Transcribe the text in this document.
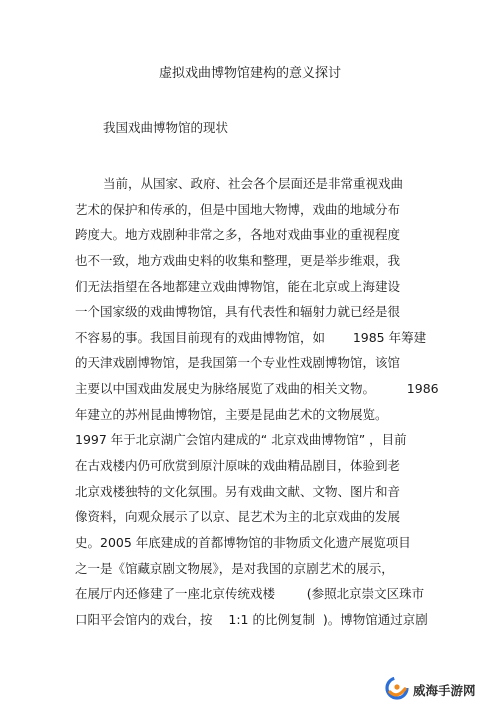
虚拟戏曲博物馆建构的意义探讨
我国戏曲博物馆的现状
当前，从国家、政府、社会各个层面还是非常重视戏曲
艺术的保护和传承的，但是中国地大物博，戏曲的地域分布
跨度大。地方戏剧种非常之多，各地对戏曲事业的重视程度
也不一致，地方戏曲史料的收集和整理，更是举步维艰，我
们无法指望在各地都建立戏曲博物馆，能在北京或上海建设
一个国家级的戏曲博物馆，具有代表性和辐射力就已经是很
不容易的事。我国目前现有的戏曲博物馆，如       1985 年筹建
的天津戏剧博物馆，是我国第一个专业性戏剧博物馆，该馆
主要以中国戏曲发展史为脉络展览了戏曲的相关文物。        1986
年建立的苏州昆曲博物馆，主要是昆曲艺术的文物展览。
1997 年于北京湖广会馆内建成的“ 北京戏曲博物馆” ，目前
在古戏楼内仍可欣赏到原汁原味的戏曲精品剧目，体验到老
北京戏楼独特的文化氛围。另有戏曲文献、文物、图片和音
像资料，向观众展示了以京、昆艺术为主的北京戏曲的发展
史。2005 年底建成的首都博物馆的非物质文化遗产展览项目
之一是《馆藏京剧文物展》，是对我国的京剧艺术的展示，
在展厅内还修建了一座北京传统戏楼        (参照北京崇文区珠市
口阳平会馆内的戏台，按    1:1 的比例复制  )。博物馆通过京剧
威海手游网
